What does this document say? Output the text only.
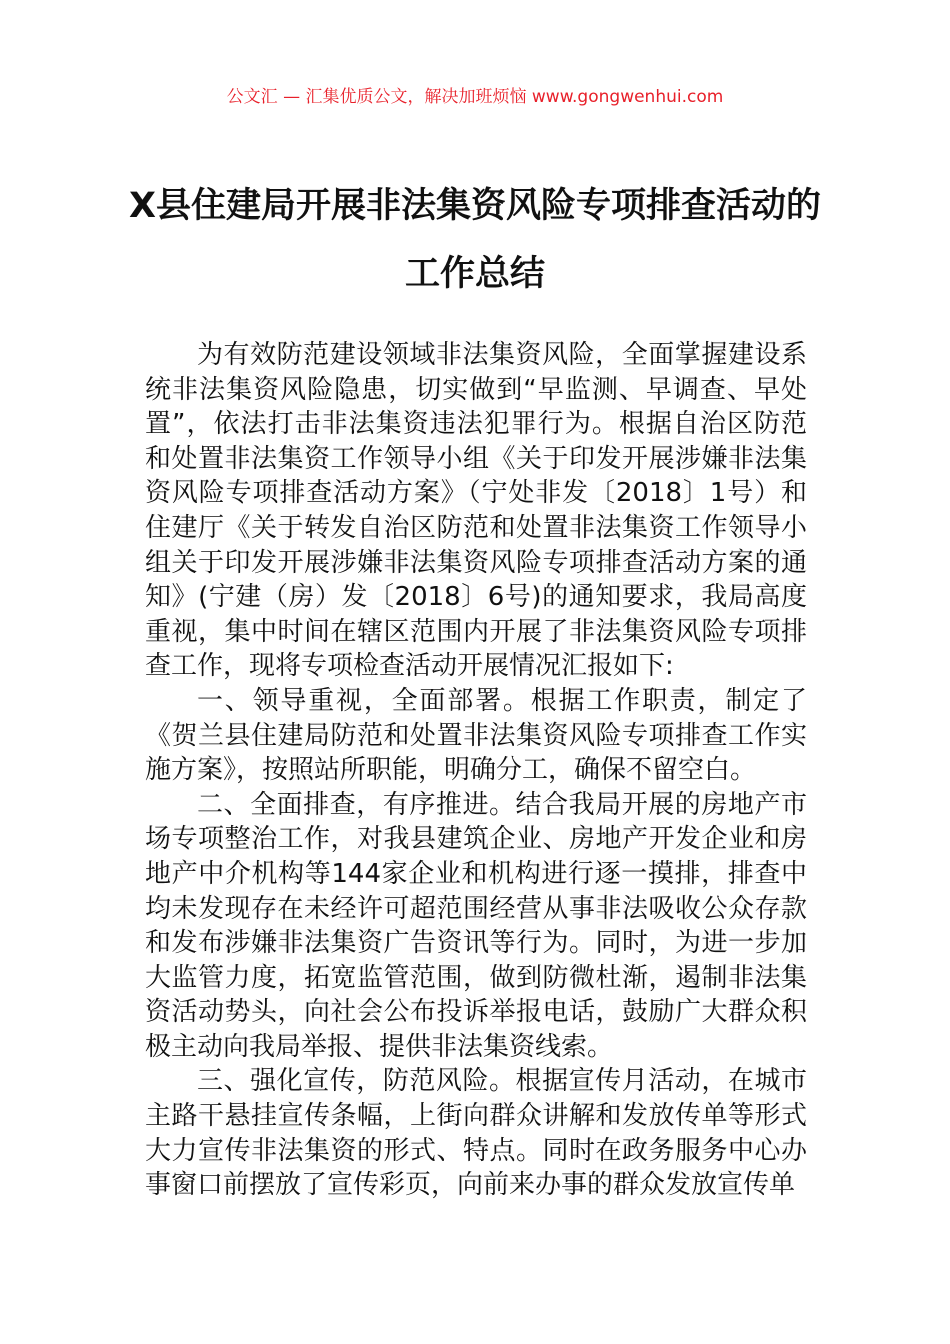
公文汇 — 汇集优质公文，解决加班烦恼 www.gongwenhui.com
X县住建局开展非法集资风险专项排查活动的工作总结

为有效防范建设领域非法集资风险，全面掌握建设系统非法集资风险隐患，切实做到“早监测、早调查、早处置”，依法打击非法集资违法犯罪行为。根据自治区防范和处置非法集资工作领导小组《关于印发开展涉嫌非法集资风险专项排查活动方案》（宁处非发〔2018〕1号）和住建厅《关于转发自治区防范和处置非法集资工作领导小组关于印发开展涉嫌非法集资风险专项排查活动方案的通知》(宁建（房）发〔2018〕6号)的通知要求，我局高度重视，集中时间在辖区范围内开展了非法集资风险专项排查工作，现将专项检查活动开展情况汇报如下:

一、领导重视，全面部署。根据工作职责，制定了《贺兰县住建局防范和处置非法集资风险专项排查工作实施方案》，按照站所职能，明确分工，确保不留空白。

二、全面排查，有序推进。结合我局开展的房地产市场专项整治工作，对我县建筑企业、房地产开发企业和房地产中介机构等144家企业和机构进行逐一摸排，排查中均未发现存在未经许可超范围经营从事非法吸收公众存款和发布涉嫌非法集资广告资讯等行为。同时，为进一步加大监管力度，拓宽监管范围，做到防微杜渐，遏制非法集资活动势头，向社会公布投诉举报电话，鼓励广大群众积极主动向我局举报、提供非法集资线索。

三、强化宣传，防范风险。根据宣传月活动，在城市主路干悬挂宣传条幅，上街向群众讲解和发放传单等形式大力宣传非法集资的形式、特点。同时在政务服务中心办事窗口前摆放了宣传彩页，向前来办事的群众发放宣传单
